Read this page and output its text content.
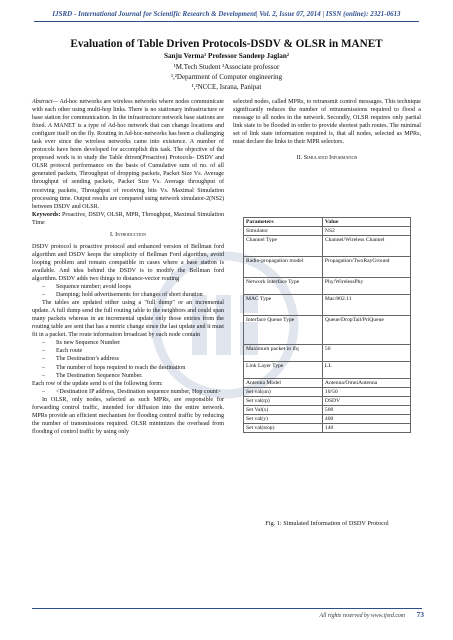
IJSRD - International Journal for Scientific Research & Development| Vol. 2, Issue 07, 2014 | ISSN (online): 2321-0613
Evaluation of Table Driven Protocols-DSDV & OLSR in MANET
Sanju Verma¹ Professor Sandeep Jaglan²
¹M.Tech Student ²Associate professor
¹,²Department of Computer engineering
¹,²NCCE, Israna, Panipat

Abstract— Ad-hoc networks are wireless networks where nodes communicate with each other using multi-hop links. There is no stationary infrastructure or base station for communication. In the infrastructure network base stations are fixed. A MANET is a type of Ad-hoc network that can change locations and configure itself on the fly. Routing in Ad-hoc-networks has been a challenging task ever since the wireless networks came into existence. A number of protocols have been developed for accomplish this task. The objective of the proposed work is to study the Table driven(Proactive) Protocols- DSDV and OLSR protocol performance on the basis of Cumulative sum of no. of all generated packets, Throughput of dropping packets, Packet Size Vs. Average throughput of sending packets, Packet Size Vs. Average throughput of receiving packets, Throughput of receiving bits Vs. Maximal Simulation processing time. Output results are compared using network simulator-2(NS2) between DSDV and OLSR.

Keywords: Proactive, DSDV, OLSR, MPR, Throughput, Maximal Simulation Time

I. Introduction

DSDV protocol is proactive protocol and enhanced version of Bellman ford algorithm and DSDV keeps the simplicity of Bellman Ford algorithm, avoid looping problem and remain compatible in cases where a base station is available. And idea behind the DSDV is to modify the Bellman ford algorithm. DSDV adds two things to distance-vector routing

–	Sequence number; avoid loops
–	Damping; hold advertisements for changes of short duration

The tables are updated either using a "full dump" or an incremental update. A full dump send the full routing table to the neighbors and could span many packets whereas in an incremental update only those entries from the routing table are sent that has a metric change since the last update and it must fit in a packet. The route information broadcast by each node contain

–	Its new Sequence Number
–	Each route
–	The Destination’s address
–	The number of hops required to reach the destination
–	The Destination Sequence Number.

Each row of the update send is of the following form:

–	<Destination IP address, Destination sequence number, Hop count>

In OLSR, only nodes, selected as such MPRs, are responsible for forwarding control traffic, intended for diffusion into the entire network. MPRs provide an efficient mechanism for flooding control traffic by reducing the number of transmissions required. OLSR minimizes the overhead from flooding of control traffic by using only

selected nodes, called MPRs, to retransmit control messages. This technique significantly reduces the number of retransmissions required to flood a message to all nodes in the network. Secondly, OLSR requires only partial link state to be flooded in order to provide shortest path routes. The minimal set of link state information required is, that all nodes, selected as MPRs, must declare the links to their MPR selectors.

II. Simulated Information
Parameters	Value
Simulator	NS2
Channel Type	Channel/Wireless Channel
Radio-propagation model	Propagation/TwoRayGround
Network Interface Type	Phy/WirelessPhy
MAC Type	Mac/802.11
Interface Queue Type	Queue/DropTail/PriQueue
Maximum packet in ifq	50
Link Layer Type	LL
Antenna Model	Antenna/OmniAntenna
Set val(nn)	10/50
Set val(rp)	DSDV
Set Val(x)	500
Set val(y)	400
Set val(stop)	140
Fig. 1: Simulated Information of DSDV Protocol
All rights reserved by www.ijsrd.com	73
